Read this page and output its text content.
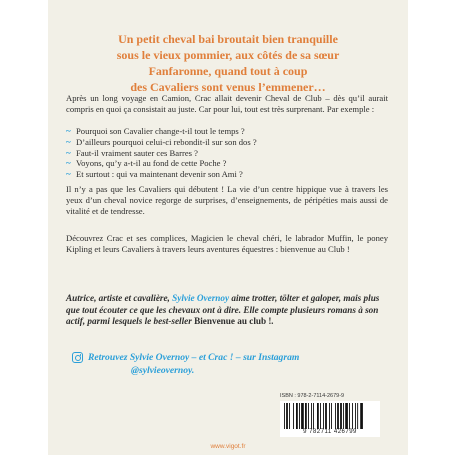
Un petit cheval bai broutait bien tranquille
sous le vieux pommier, aux côtés de sa sœur
Fanfaronne, quand tout à coup
des Cavaliers sont venus l’emmener…
Après un long voyage en Camion, Crac allait devenir Cheval de Club – dès qu’il aurait compris en quoi ça consistait au juste. Car pour lui, tout est très surprenant. Par exemple :
~ Pourquoi son Cavalier change-t-il tout le temps ?
~ D’ailleurs pourquoi celui-ci rebondit-il sur son dos ?
~ Faut-il vraiment sauter ces Barres ?
~ Voyons, qu’y a-t-il au fond de cette Poche ?
~ Et surtout : qui va maintenant devenir son Ami ?
Il n’y a pas que les Cavaliers qui débutent ! La vie d’un centre hippique vue à travers les yeux d’un cheval novice regorge de surprises, d’enseignements, de péripéties mais aussi de vitalité et de tendresse.
Découvrez Crac et ses complices, Magicien le cheval chéri, le labrador Muffin, le poney Kipling et leurs Cavaliers à travers leurs aventures équestres : bienvenue au Club !
Autrice, artiste et cavalière, Sylvie Overnoy aime trotter, tölter et galoper, mais plus que tout écouter ce que les chevaux ont à dire. Elle compte plusieurs romans à son actif, parmi lesquels le best-seller Bienvenue au club !.
Retrouvez Sylvie Overnoy – et Crac ! – sur Instagram
@sylvieovernoy.
ISBN : 978-2-7114-2679-9
9 782711 426799
www.vigot.fr
